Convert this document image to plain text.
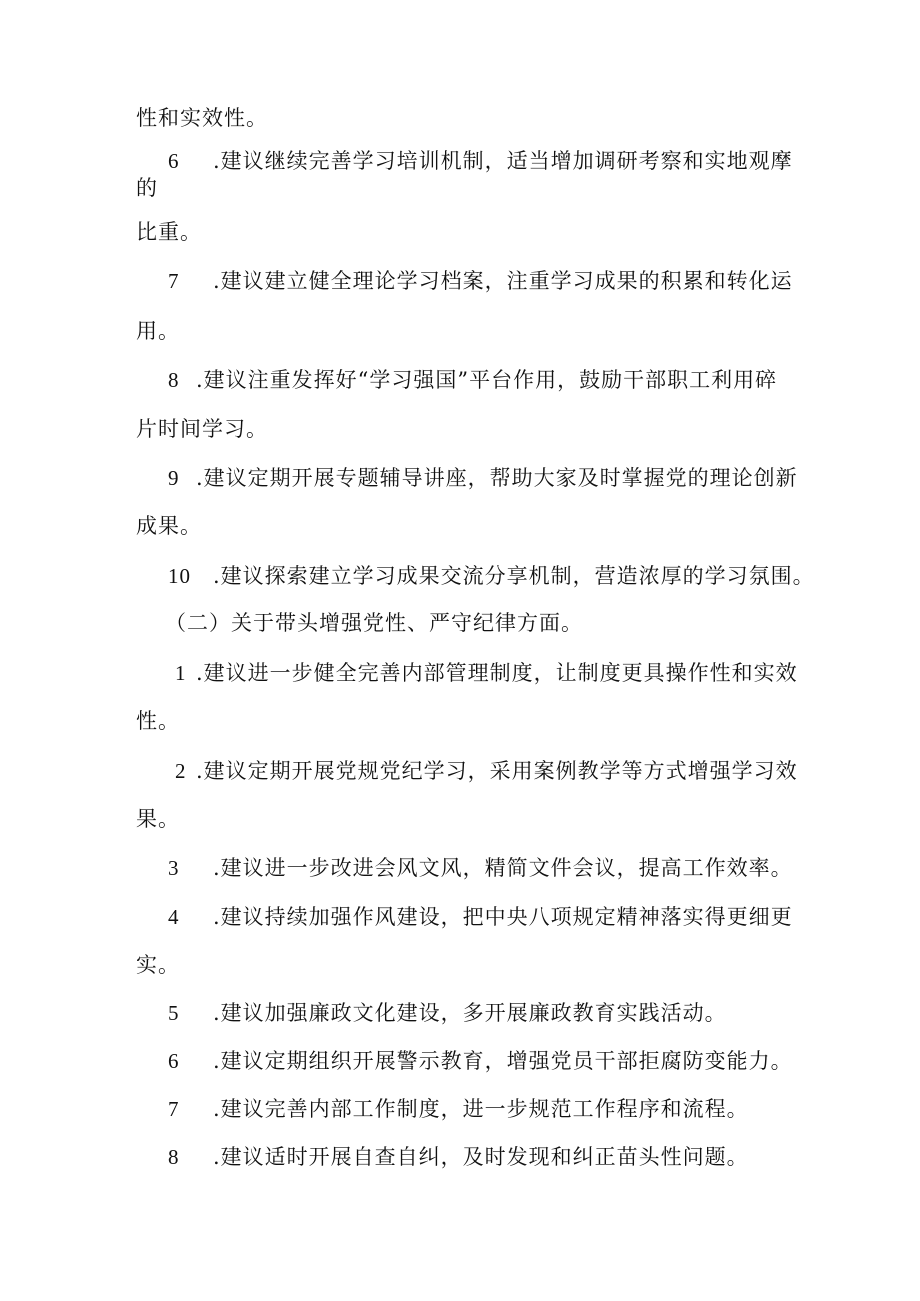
性和实效性。
6 .建议继续完善学习培训机制，适当增加调研考察和实地观摩
的
比重。
7 .建议建立健全理论学习档案，注重学习成果的积累和转化运
用。
8 .建议注重发挥好“学习强国”平台作用，鼓励干部职工利用碎
片时间学习。
9 .建议定期开展专题辅导讲座，帮助大家及时掌握党的理论创新
成果。
10 .建议探索建立学习成果交流分享机制，营造浓厚的学习氛围。
（二）关于带头增强党性、严守纪律方面。
1 .建议进一步健全完善内部管理制度，让制度更具操作性和实效
性。
2 .建议定期开展党规党纪学习，采用案例教学等方式增强学习效
果。
3 .建议进一步改进会风文风，精简文件会议，提高工作效率。
4 .建议持续加强作风建设，把中央八项规定精神落实得更细更
实。
5 .建议加强廉政文化建设，多开展廉政教育实践活动。
6 .建议定期组织开展警示教育，增强党员干部拒腐防变能力。
7 .建议完善内部工作制度，进一步规范工作程序和流程。
8 .建议适时开展自查自纠，及时发现和纠正苗头性问题。
